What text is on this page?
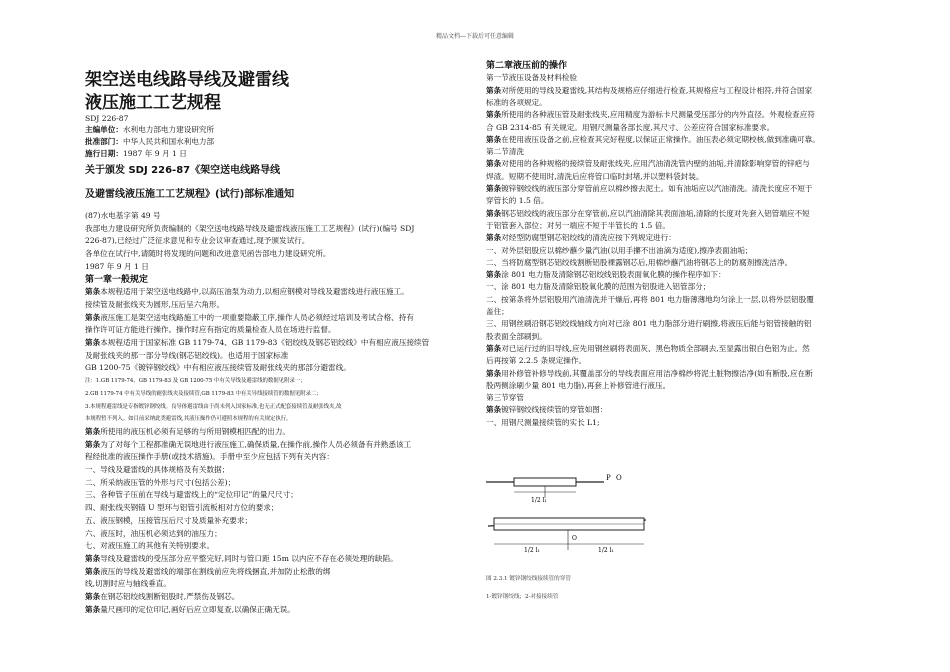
精品文档---下载后可任意编辑
架空送电线路导线及避雷线
液压施工工艺规程
SDJ 226-87
主编单位：水利电力部电力建设研究所
批准部门：中华人民共和国水利电力部
施行日期：1987 年 9 月 1 日
关于颁发 SDJ 226-87《架空送电线路导线
及避雷线液压施工工艺规程》(试行)部标准通知
(87)水电基字第 49 号
我部电力建设研究所负责编制的《架空送电线路导线及避雷线液压施工工艺规程》(试行)(编号 SDJ
226-87),已经过广泛征求意见和专业会议审查通过,现予颁发试行。
各单位在试行中,请随时将发现的问题和改进意见函告部电力建设研究所。
1987 年 9 月 1 日
第一章一般规定
第条本规程适用于架空送电线路中,以高压油泵为动力,以相应钢模对导线及避雷线进行液压施工。
接续管及耐张线夹为圆形,压后呈六角形。
第条液压施工是架空送电线路施工中的一项重要隐蔽工序,操作人员必须经过培训及考试合格、持有
操作许可证方能进行操作。操作时应有指定的质量检查人员在场进行监督。
第条本规程适用于国家标准 GB 1179-74、GB 1179-83《铝绞线及钢芯铝绞线》中有相应液压接续管
及耐张线夹的那一部分导线(钢芯铝绞线)。也适用于国家标准
GB 1200-75《镀锌钢绞线》中有相应液压接续管及耐张线夹的那部分避雷线。
注：1.GB 1179-74、GB 1179-83 及 GB 1200-75 中有关导线及避雷线的数据见附录一；
2.GB 1179-74 中有关导线的耐张线夹及接续管,GB 1179-83 中有关导线接续管的数据见附录二；
3.本规程避雷线是专指镀锌钢绞线。良导体避雷线由于尚未列入国家标准,也无正式配套接续管及耐张线夹,故
本规程暂不列入。如目前采纳此类避雷线,其液压操作仍可遵照本规程的有关规定执行。
第条所使用的液压机必须有足够的与所用钢模相匹配的出力。
第条为了对每个工程都准确无误地进行液压施工,确保质量,在操作前,操作人员必须备有并熟悉该工
程经批准的液压操作手册(或技术措施)。手册中至少应包括下列有关内容：
一、导线及避雷线的具体规格及有关数据；
二、所采纳液压管的外形与尺寸(包括公差)；
三、各种管子压前在导线与避雷线上的“定位印记”的量尺尺寸；
四、耐张线夹钢锚 U 型环与铝管引流板相对方位的要求；
五、液压钢模，压接管压后尺寸及质量补充要求；
六、液压时，油压机必须达到的油压力；
七、对液压施工的其他有关特别要求。
第条导线及避雷线的受压部分应平整完好,同时与管口距 15m 以内应不存在必须处理的缺陷。
第条液压的导线及避雷线的端部在割线前应先将线捆直,并加防止松散的绑
线,切割时应与轴线垂直。
第条在钢芯铝绞线割断铝股时,严禁伤及钢芯。
第条量尺画印的定位印记,画好后应立即复查,以确保正确无误。
第二章液压前的操作
第一节液压设备及材料检验
第条对所使用的导线及避雷线,其结构及规格应仔细进行检查,其规格应与工程设计相符,并符合国家
标准的各项规定。
第条所使用的各种液压管及耐张线夹,应用精度为游标卡尺测量受压部分的内外直径。外观检查应符
合 GB 2314-85 有关规定。用钢尺测量各部长度,其尺寸、公差应符合国家标准要求。
第条在使用液压设备之前,应检查其完好程度,以保证正常操作。油压表必须定期校核,做到准确可靠。
第二节清洗
第条对使用的各种规格的接续管及耐张线夹,应用汽油清洗管内壁的油垢,并清除影响穿管的锌疤与
焊渣。短期不使用时,清洗后应将管口临时封堵,并以塑料袋封装。
第条镀锌钢绞线的液压部分穿管前应以棉纱擦去泥土。如有油垢应以汽油清洗。清洗长度应不短于
穿管长的 1.5 倍。
第条钢芯铝绞线的液压部分在穿管前,应以汽油清除其表面油垢,清除的长度对先套入铝管端应不短
于铝管套入部位；对另一端应不短于半管长的 1.5 倍。
第条对经型防腐型钢芯铝绞线的清洗应按下列规定进行：
一、对外层铝股应以棉纱蘸少量汽油(以用手攥不出油滴为适度),擦净表面油垢；
二、当将防腐型钢芯铝绞线割断铝股裸露钢芯后,用棉纱蘸汽油将钢芯上的防腐剂擦洗洁净。
第条涂 801 电力脂及清除钢芯铝绞线铝股表面氧化膜的操作程序如下：
一、涂 801 电力脂及清除铝股氧化膜的范围为铝股进入铝管部分；
二、按第条将外层铝股用汽油清洗并干燥后,再将 801 电力脂薄薄地均匀涂上一层,以将外层铝股覆
盖住；
三、用钢丝刷沿钢芯铝绞线轴线方向对已涂 801 电力脂部分进行刷擦,将液压后能与铝管接触的铝
股表面全部刷到。
第条对已运行过的旧导线,应先用钢丝刷将表面灰、黑色物质全部刷去,至显露出银白色铝为止。然
后再按第 2.2.5 条规定操作。
第条用补修管补修导线前,其覆盖部分的导线表面应用洁净棉纱将泥土脏物擦洁净(如有断股,应在断
股两侧涂刷少量 801 电力脂),再套上补修管进行液压。
第三节穿管
第条镀锌钢绞线接续管的穿管如图：
一、用钢尺测量接续管的实长 L1;
P O
1/2 l₁
1/2 l₁	1/2 l₁
O
图 2.3.1 镀锌钢绞线接续管的穿管
1-镀锌钢绞线；2-对接接续管
